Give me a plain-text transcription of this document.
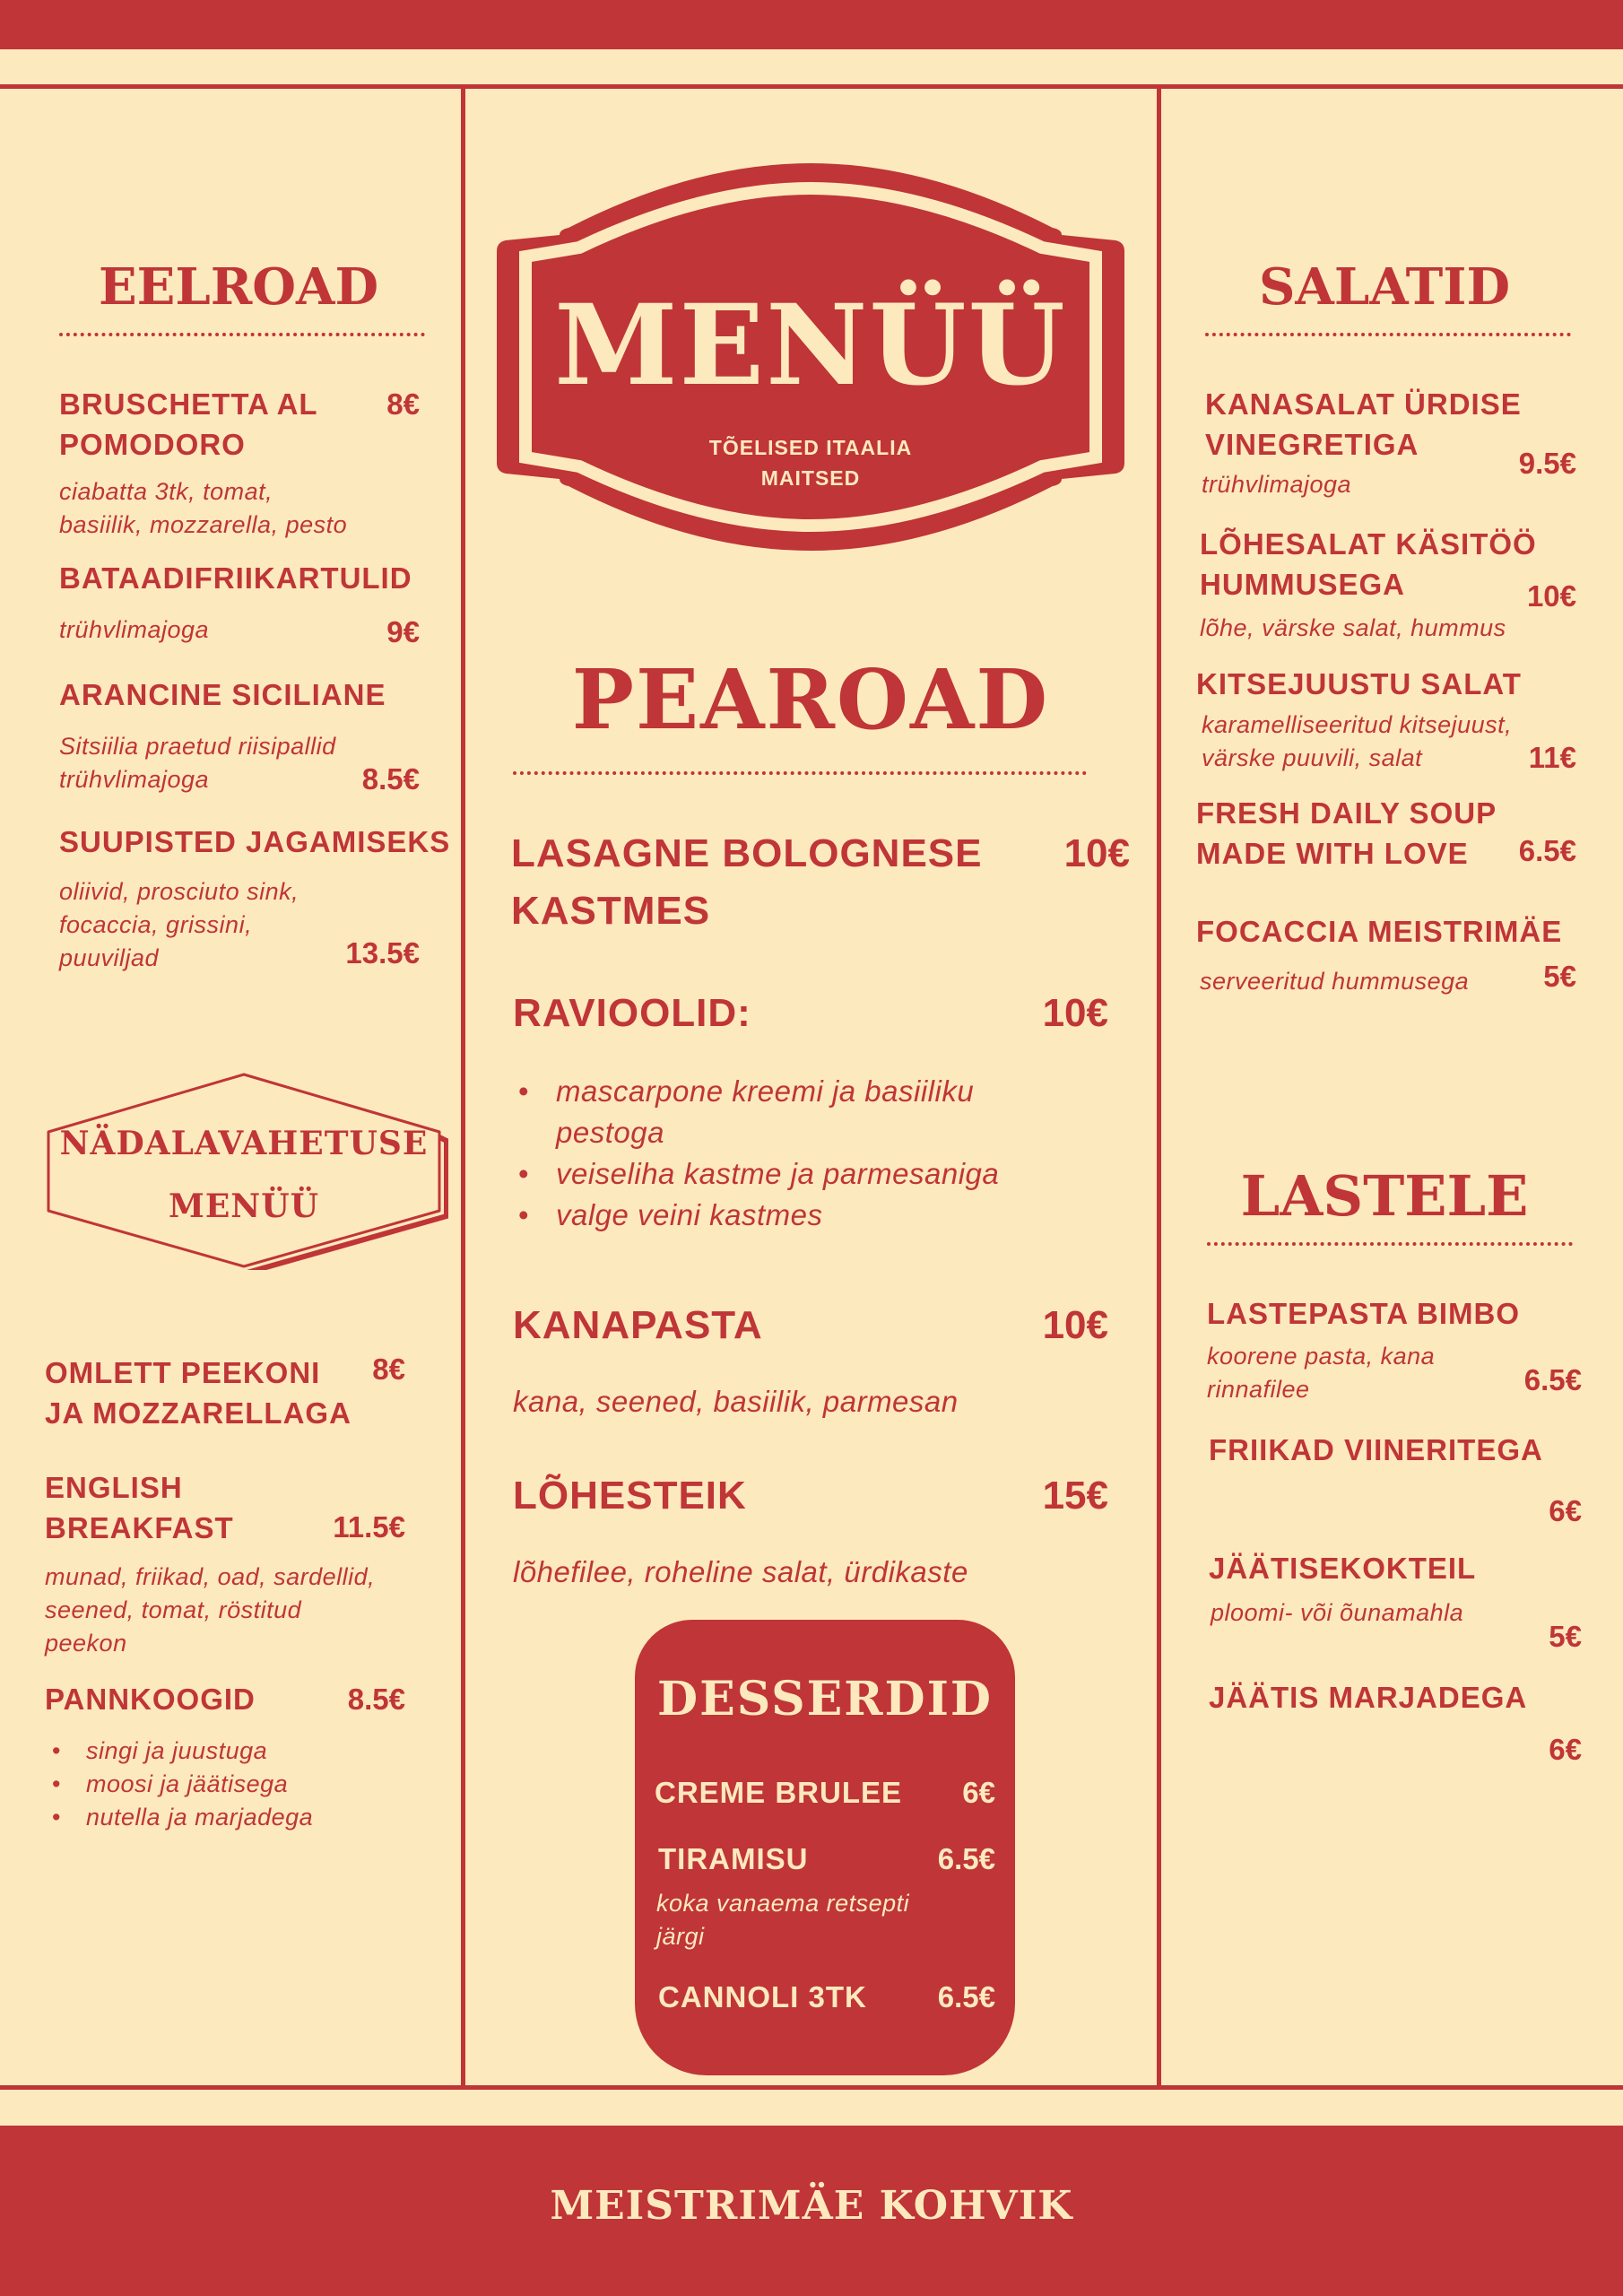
EELROAD
BRUSCHETTA AL
POMODORO
8€
ciabatta 3tk, tomat,
basiilik, mozzarella, pesto
BATAADIFRIIKARTULID
trühvlimajoga	9€
ARANCINE SICILIANE
Sitsiilia praetud riisipallid
trühvlimajoga	8.5€
SUUPISTED JAGAMISEKS
oliivid, prosciuto sink,
focaccia, grissini,
puuviljad	13.5€
NÄDALAVAHETUSE
MENÜÜ
OMLETT PEEKONI
JA MOZZARELLAGA
8€
ENGLISH
BREAKFAST	11.5€
munad, friikad, oad, sardellid,
seened, tomat, röstitud
peekon
PANNKOOGID	8.5€
• singi ja juustuga
• moosi ja jäätisega
• nutella ja marjadega
MENÜÜ
TÕELISED ITAALIA
MAITSED
PEAROAD
LASAGNE BOLOGNESE
KASTMES
10€
RAVIOOLID:	10€
• mascarpone kreemi ja basiiliku
pestoga
• veiseliha kastme ja parmesaniga
• valge veini kastmes
KANAPASTA	10€
kana, seened, basiilik, parmesan
LÕHESTEIK	15€
lõhefilee, roheline salat, ürdikaste
DESSERDID
CREME BRULEE	6€
TIRAMISU	6.5€
koka vanaema retsepti
järgi
CANNOLI 3TK	6.5€
SALATID
KANASALAT ÜRDISE
VINEGRETIGA
9.5€
trühvlimajoga
LÕHESALAT KÄSITÖÖ
HUMMUSEGA	10€
lõhe, värske salat, hummus
KITSEJUUSTU SALAT
karamelliseeritud kitsejuust,
värske puuvili, salat	11€
FRESH DAILY SOUP
MADE WITH LOVE	6.5€
FOCACCIA MEISTRIMÄE
serveeritud hummusega	5€
LASTELE
LASTEPASTA BIMBO
koorene pasta, kana
rinnafilee	6.5€
FRIIKAD VIINERITEGA
6€
JÄÄTISEKOKTEIL
ploomi- või õunamahla
5€
JÄÄTIS MARJADEGA
6€
MEISTRIMÄE KOHVIK
